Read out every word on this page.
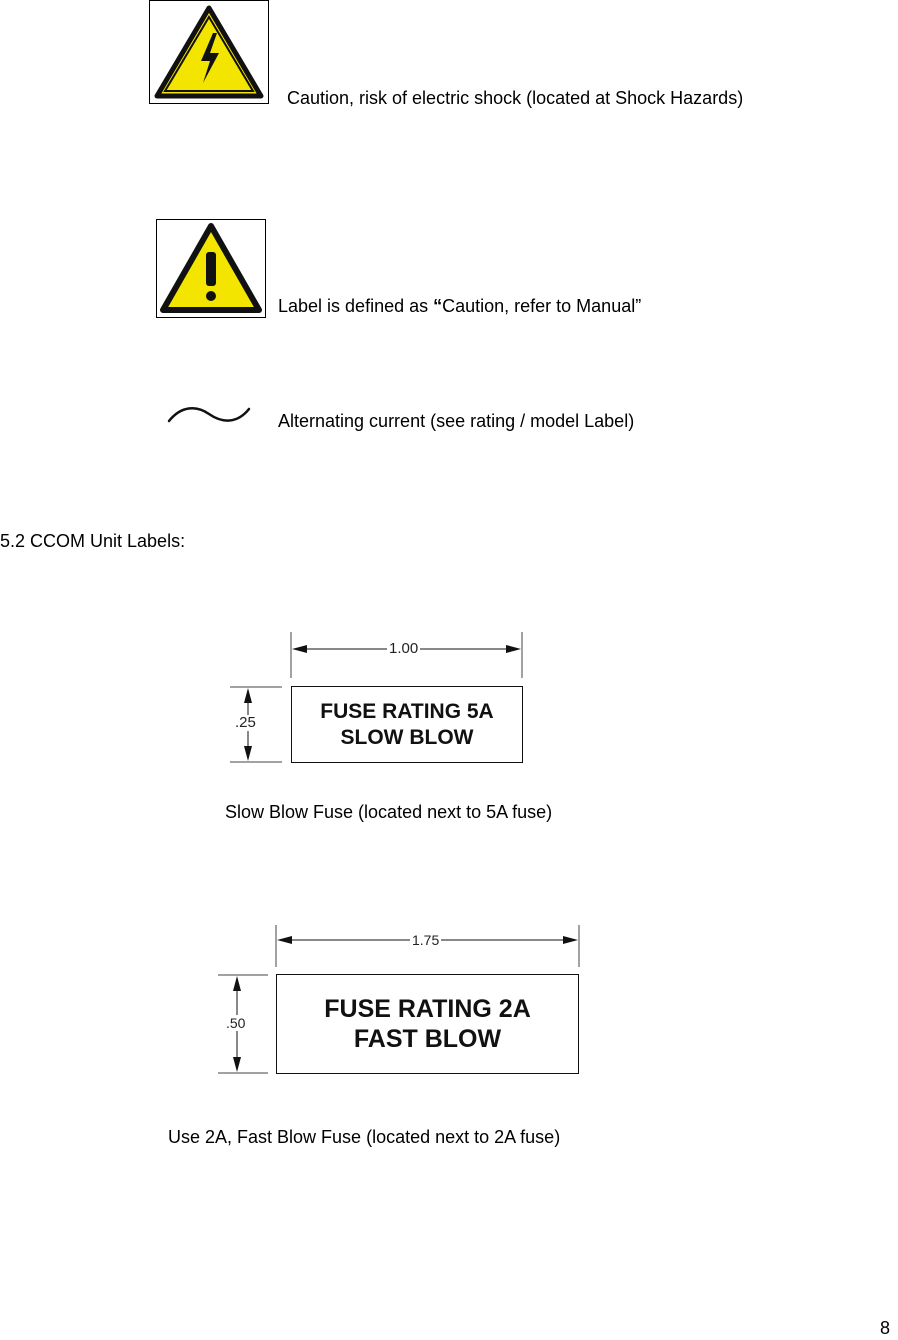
Caution, risk of electric shock (located at Shock Hazards)
Label is defined as “Caution, refer to Manual”
Alternating current (see rating / model Label)
5.2 CCOM Unit Labels:
1.00
.25	FUSE RATING 5A
SLOW BLOW
Slow Blow Fuse (located next to 5A fuse)
1.75
.50	FUSE RATING 2A
FAST BLOW
Use 2A, Fast Blow Fuse (located next to 2A fuse)
8
